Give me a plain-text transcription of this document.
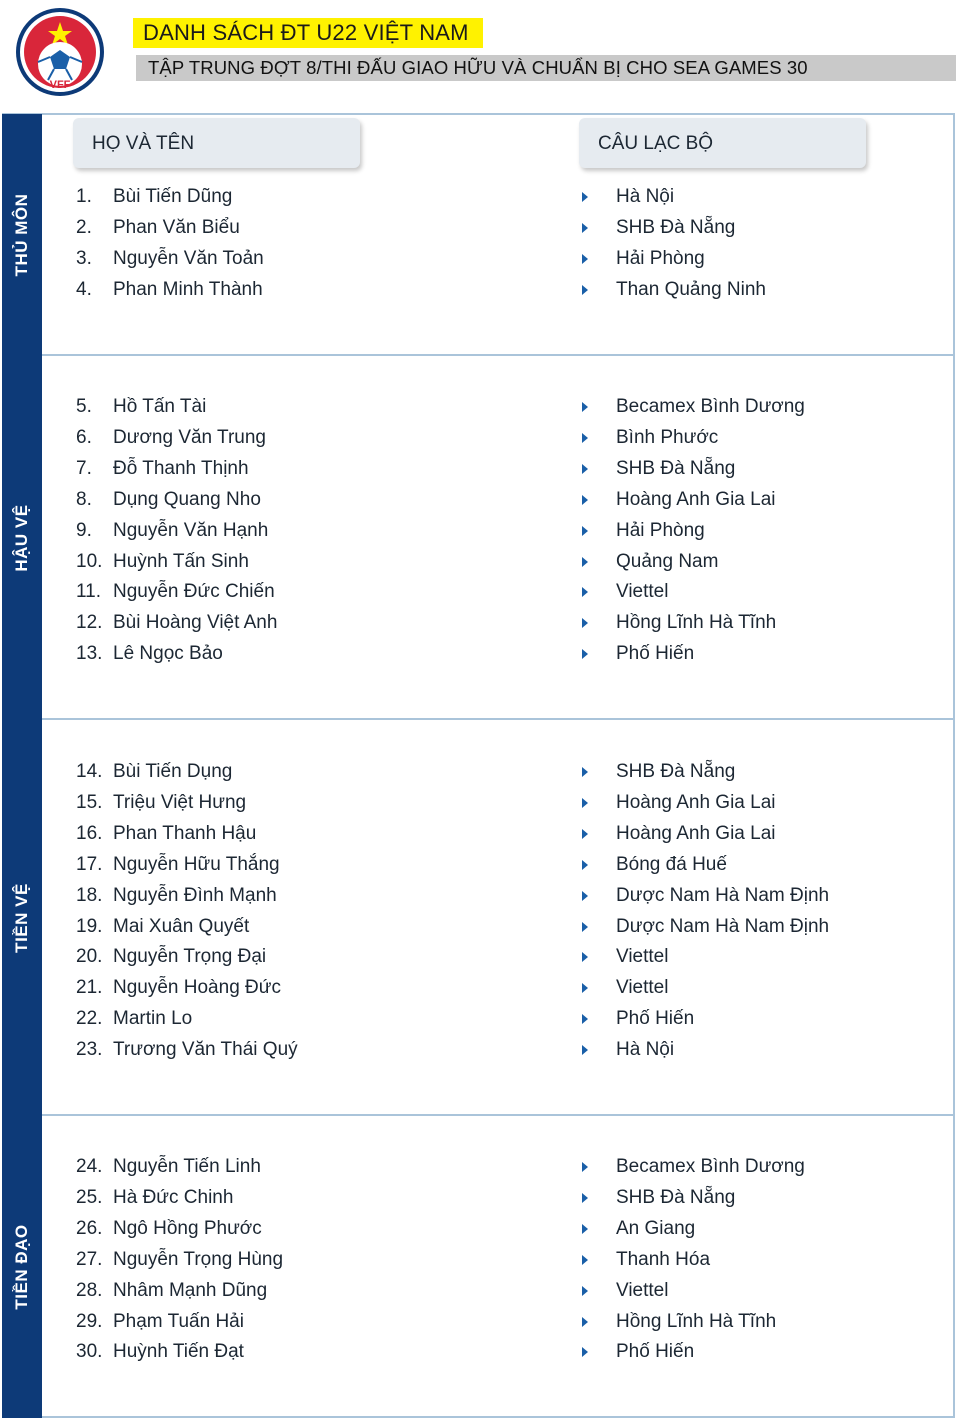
VFF
DANH SÁCH ĐT U22 VIỆT NAM
TẬP TRUNG ĐỢT 8/THI ĐẤU GIAO HỮU VÀ CHUẨN BỊ CHO SEA GAMES 30
THỦ MÔN
HẬU VỆ
TIỀN VỆ
TIỀN ĐẠO
HỌ VÀ TÊN	CÂU LẠC BỘ
1. Bùi Tiến Dũng	Hà Nội
2. Phan Văn Biểu	SHB Đà Nẵng
3. Nguyễn Văn Toản	Hải Phòng
4. Phan Minh Thành	Than Quảng Ninh
5. Hồ Tấn Tài	Becamex Bình Dương
6. Dương Văn Trung	Bình Phước
7. Đỗ Thanh Thịnh	SHB Đà Nẵng
8. Dụng Quang Nho	Hoàng Anh Gia Lai
9. Nguyễn Văn Hạnh	Hải Phòng
10. Huỳnh Tấn Sinh	Quảng Nam
11. Nguyễn Đức Chiến	Viettel
12. Bùi Hoàng Việt Anh	Hồng Lĩnh Hà Tĩnh
13. Lê Ngọc Bảo	Phố Hiến
14. Bùi Tiến Dụng	SHB Đà Nẵng
15. Triệu Việt Hưng	Hoàng Anh Gia Lai
16. Phan Thanh Hậu	Hoàng Anh Gia Lai
17. Nguyễn Hữu Thắng	Bóng đá Huế
18. Nguyễn Đình Mạnh	Dược Nam Hà Nam Định
19. Mai Xuân Quyết	Dược Nam Hà Nam Định
20. Nguyễn Trọng Đại	Viettel
21. Nguyễn Hoàng Đức	Viettel
22. Martin Lo	Phố Hiến
23. Trương Văn Thái Quý	Hà Nội
24. Nguyễn Tiến Linh	Becamex Bình Dương
25. Hà Đức Chinh	SHB Đà Nẵng
26. Ngô Hồng Phước	An Giang
27. Nguyễn Trọng Hùng	Thanh Hóa
28. Nhâm Mạnh Dũng	Viettel
29. Phạm Tuấn Hải	Hồng Lĩnh Hà Tĩnh
30. Huỳnh Tiến Đạt	Phố Hiến
